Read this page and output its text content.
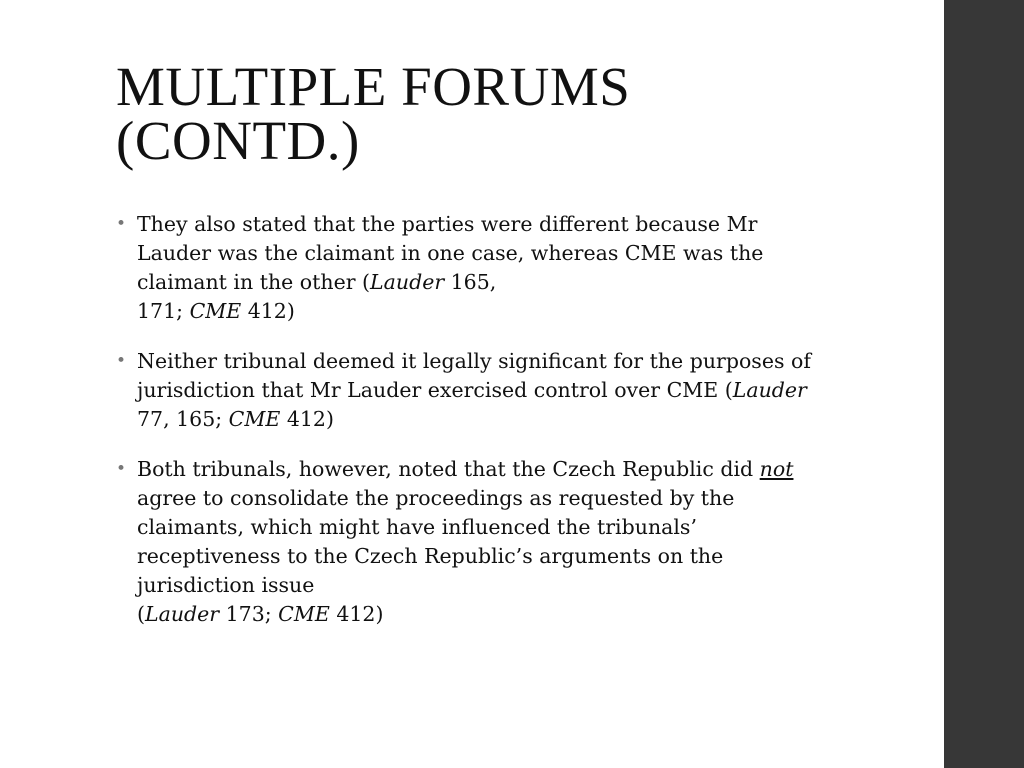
MULTIPLE FORUMS
(CONTD.)
• They also stated that the parties were different because Mr Lauder was the claimant in one case, whereas CME was the claimant in the other (Lauder 165,
171; CME 412)
• Neither tribunal deemed it legally significant for the purposes of jurisdiction that Mr Lauder exercised control over CME (Lauder 77, 165; CME 412)
• Both tribunals, however, noted that the Czech Republic did not agree to consolidate the proceedings as requested by the claimants, which might have influenced the tribunals’ receptiveness to the Czech Republic’s arguments on the jurisdiction issue
(Lauder 173; CME 412)
